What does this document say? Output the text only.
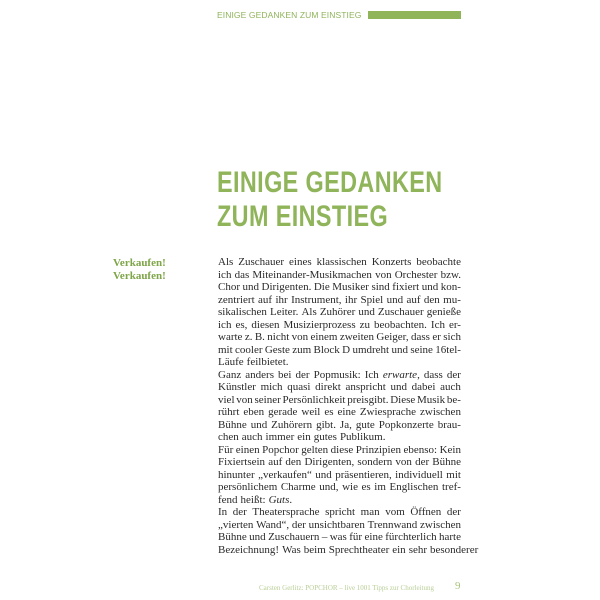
EINIGE GEDANKEN ZUM EINSTIEG
EINIGE GEDANKEN
ZUM EINSTIEG
Verkaufen!
Verkaufen!
Als Zuschauer eines klassischen Konzerts beobachte
ich das Miteinander-Musikmachen von Orchester bzw.
Chor und Dirigenten. Die Musiker sind fixiert und kon-
zentriert auf ihr Instrument, ihr Spiel und auf den mu-
sikalischen Leiter. Als Zuhörer und Zuschauer genieße
ich es, diesen Musizierprozess zu beobachten. Ich er-
warte z. B. nicht von einem zweiten Geiger, dass er sich
mit cooler Geste zum Block D umdreht und seine 16tel-
Läufe feilbietet.
Ganz anders bei der Popmusik: Ich erwarte, dass der
Künstler mich quasi direkt anspricht und dabei auch
viel von seiner Persönlichkeit preisgibt. Diese Musik be-
rührt eben gerade weil es eine Zwiesprache zwischen
Bühne und Zuhörern gibt. Ja, gute Popkonzerte brau-
chen auch immer ein gutes Publikum.
Für einen Popchor gelten diese Prinzipien ebenso: Kein
Fixiertsein auf den Dirigenten, sondern von der Bühne
hinunter „verkaufen“ und präsentieren, individuell mit
persönlichem Charme und, wie es im Englischen tref-
fend heißt: Guts.
In der Theatersprache spricht man vom Öffnen der
„vierten Wand“, der unsichtbaren Trennwand zwischen
Bühne und Zuschauern – was für eine fürchterlich harte
Bezeichnung! Was beim Sprechtheater ein sehr besonderer
Carsten Gerlitz: POPCHOR – live 1001 Tipps zur Chorleitung 9
